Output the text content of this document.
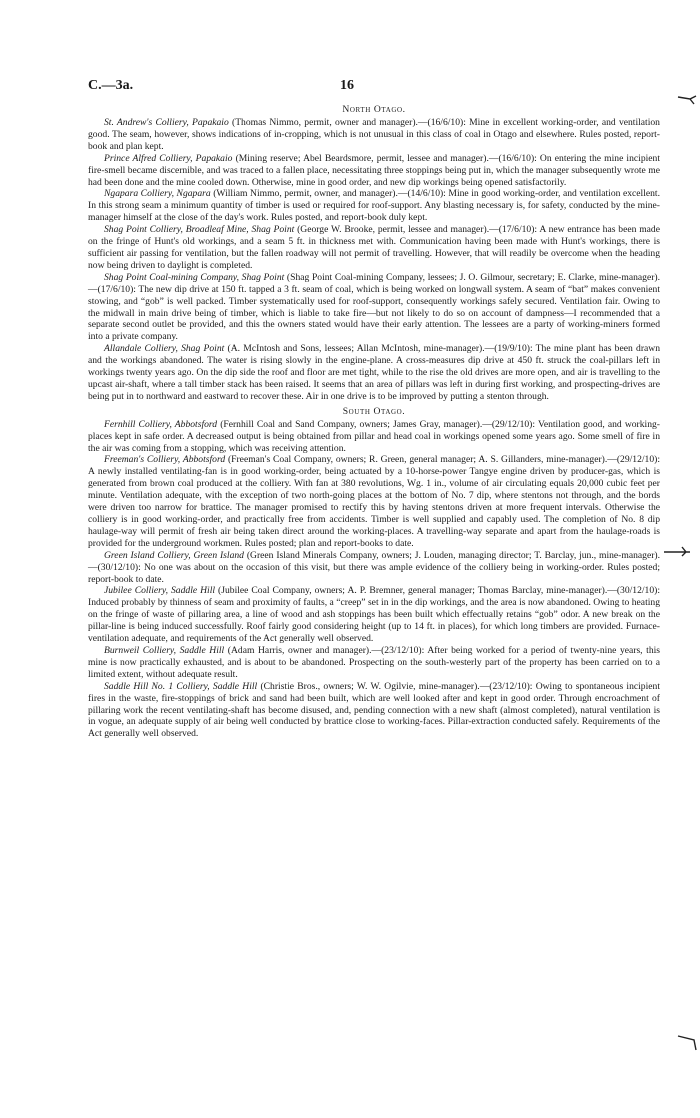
C.—3a.	16
North Otago.

St. Andrew's Colliery, Papakaio (Thomas Nimmo, permit, owner and manager).—(16/6/10): Mine in excellent working-order, and ventilation good. The seam, however, shows indications of in-cropping, which is not unusual in this class of coal in Otago and elsewhere. Rules posted, report-book and plan kept.

Prince Alfred Colliery, Papakaio (Mining reserve; Abel Beardsmore, permit, lessee and manager).—(16/6/10): On entering the mine incipient fire-smell became discernible, and was traced to a fallen place, necessitating three stoppings being put in, which the manager subsequently wrote me had been done and the mine cooled down. Otherwise, mine in good order, and new dip workings being opened satisfactorily.

Ngapara Colliery, Ngapara (William Nimmo, permit, owner, and manager).—(14/6/10): Mine in good working-order, and ventilation excellent. In this strong seam a minimum quantity of timber is used or required for roof-support. Any blasting necessary is, for safety, conducted by the mine-manager himself at the close of the day's work. Rules posted, and report-book duly kept.

Shag Point Colliery, Broadleaf Mine, Shag Point (George W. Brooke, permit, lessee and manager).—(17/6/10): A new entrance has been made on the fringe of Hunt's old workings, and a seam 5 ft. in thickness met with. Communication having been made with Hunt's workings, there is sufficient air passing for ventilation, but the fallen roadway will not permit of travelling. However, that will readily be overcome when the heading now being driven to daylight is completed.

Shag Point Coal-mining Company, Shag Point (Shag Point Coal-mining Company, lessees; J. O. Gilmour, secretary; E. Clarke, mine-manager).—(17/6/10): The new dip drive at 150 ft. tapped a 3 ft. seam of coal, which is being worked on longwall system. A seam of “bat” makes convenient stowing, and “gob” is well packed. Timber systematically used for roof-support, consequently workings safely secured. Ventilation fair. Owing to the midwall in main drive being of timber, which is liable to take fire—but not likely to do so on account of dampness—I recommended that a separate second outlet be provided, and this the owners stated would have their early attention. The lessees are a party of working-miners formed into a private company.

Allandale Colliery, Shag Point (A. McIntosh and Sons, lessees; Allan McIntosh, mine-manager).—(19/9/10): The mine plant has been drawn and the workings abandoned. The water is rising slowly in the engine-plane. A cross-measures dip drive at 450 ft. struck the coal-pillars left in workings twenty years ago. On the dip side the roof and floor are met tight, while to the rise the old drives are more open, and air is travelling to the upcast air-shaft, where a tall timber stack has been raised. It seems that an area of pillars was left in during first working, and prospecting-drives are being put in to northward and eastward to recover these. Air in one drive is to be improved by putting a stenton through.

South Otago.

Fernhill Colliery, Abbotsford (Fernhill Coal and Sand Company, owners; James Gray, manager).—(29/12/10): Ventilation good, and working-places kept in safe order. A decreased output is being obtained from pillar and head coal in workings opened some years ago. Some smell of fire in the air was coming from a stopping, which was receiving attention.

Freeman's Colliery, Abbotsford (Freeman's Coal Company, owners; R. Green, general manager; A. S. Gillanders, mine-manager).—(29/12/10): A newly installed ventilating-fan is in good working-order, being actuated by a 10-horse-power Tangye engine driven by producer-gas, which is generated from brown coal produced at the colliery. With fan at 380 revolutions, Wg. 1 in., volume of air circulating equals 20,000 cubic feet per minute. Ventilation adequate, with the exception of two north-going places at the bottom of No. 7 dip, where stentons not through, and the bords were driven too narrow for brattice. The manager promised to rectify this by having stentons driven at more frequent intervals. Otherwise the colliery is in good working-order, and practically free from accidents. Timber is well supplied and capably used. The completion of No. 8 dip haulage-way will permit of fresh air being taken direct around the working-places. A travelling-way separate and apart from the haulage-roads is provided for the underground workmen. Rules posted; plan and report-books to date.

Green Island Colliery, Green Island (Green Island Minerals Company, owners; J. Louden, managing director; T. Barclay, jun., mine-manager).—(30/12/10): No one was about on the occasion of this visit, but there was ample evidence of the colliery being in working-order. Rules posted; report-book to date.

Jubilee Colliery, Saddle Hill (Jubilee Coal Company, owners; A. P. Bremner, general manager; Thomas Barclay, mine-manager).—(30/12/10): Induced probably by thinness of seam and proximity of faults, a “creep” set in in the dip workings, and the area is now abandoned. Owing to heating on the fringe of waste of pillaring area, a line of wood and ash stoppings has been built which effectually retains “gob” odor. A new break on the pillar-line is being induced successfully. Roof fairly good considering height (up to 14 ft. in places), for which long timbers are provided. Furnace-ventilation adequate, and requirements of the Act generally well observed.

Burnweil Colliery, Saddle Hill (Adam Harris, owner and manager).—(23/12/10): After being worked for a period of twenty-nine years, this mine is now practically exhausted, and is about to be abandoned. Prospecting on the south-westerly part of the property has been carried on to a limited extent, without adequate result.

Saddle Hill No. 1 Colliery, Saddle Hill (Christie Bros., owners; W. W. Ogilvie, mine-manager).—(23/12/10): Owing to spontaneous incipient fires in the waste, fire-stoppings of brick and sand had been built, which are well looked after and kept in good order. Through encroachment of pillaring work the recent ventilating-shaft has become disused, and, pending connection with a new shaft (almost completed), natural ventilation is in vogue, an adequate supply of air being well conducted by brattice close to working-faces. Pillar-extraction conducted safely. Requirements of the Act generally well observed.
